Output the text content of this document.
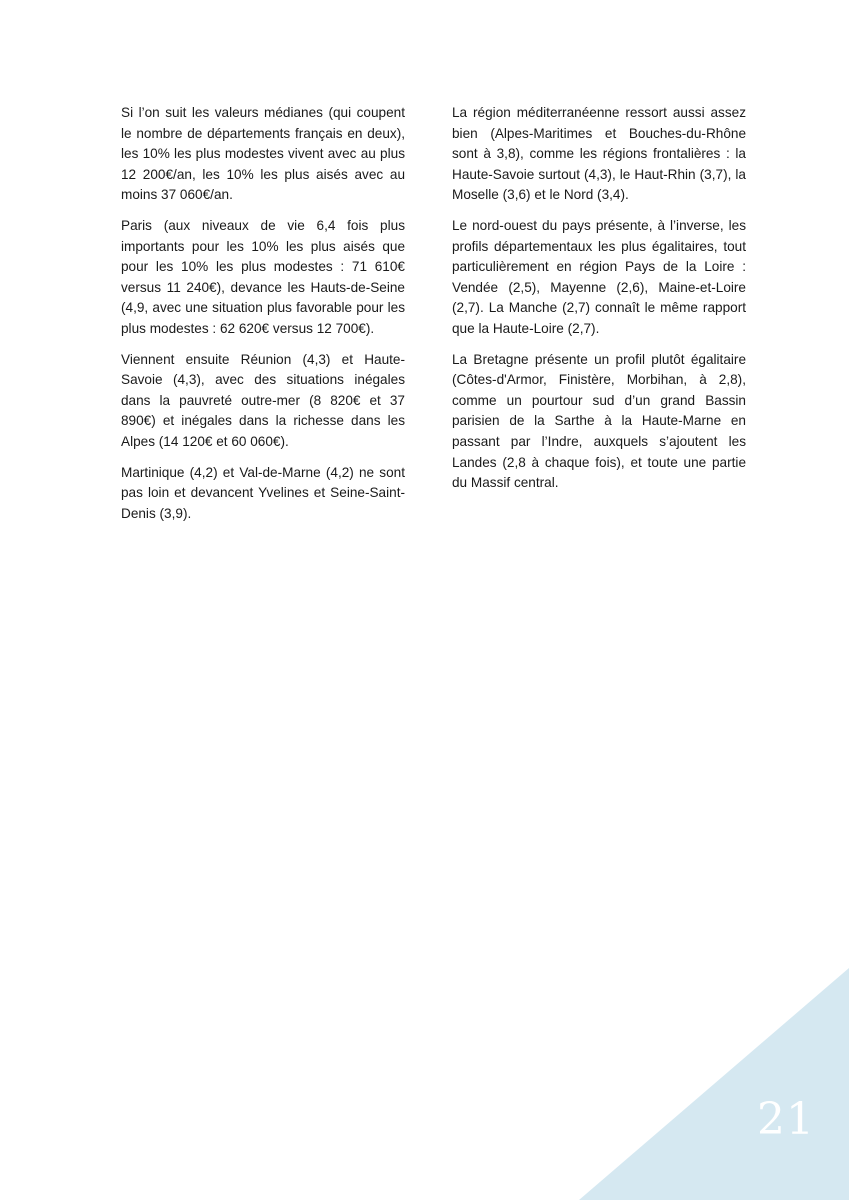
Si l’on suit les valeurs médianes (qui coupent le nombre de départements français en deux), les 10% les plus modestes vivent avec au plus 12 200€/an, les 10% les plus aisés avec au moins 37 060€/an.

Paris (aux niveaux de vie 6,4 fois plus importants pour les 10% les plus aisés que pour les 10% les plus modestes : 71 610€ versus 11 240€), devance les Hauts-de-Seine (4,9, avec une situation plus favorable pour les plus modestes : 62 620€ versus 12 700€).

Viennent ensuite Réunion (4,3) et Haute-Savoie (4,3), avec des situations inégales dans la pauvreté outre-mer (8 820€ et 37 890€) et inégales dans la richesse dans les Alpes (14 120€ et 60 060€).

Martinique (4,2) et Val-de-Marne (4,2) ne sont pas loin et devancent Yvelines et Seine-Saint-Denis (3,9).

La région méditerranéenne ressort aussi assez bien (Alpes-Maritimes et Bouches-du-Rhône sont à 3,8), comme les régions frontalières : la Haute-Savoie surtout (4,3), le Haut-Rhin (3,7), la Moselle (3,6) et le Nord (3,4).

Le nord-ouest du pays présente, à l’inverse, les profils départementaux les plus égalitaires, tout particulièrement en région Pays de la Loire : Vendée (2,5), Mayenne (2,6), Maine-et-Loire (2,7). La Manche (2,7) connaît le même rapport que la Haute-Loire (2,7).

La Bretagne présente un profil plutôt égalitaire (Côtes-d'Armor, Finistère, Morbihan, à 2,8), comme un pourtour sud d’un grand Bassin parisien de la Sarthe à la Haute-Marne en passant par l’Indre, auxquels s’ajoutent les Landes (2,8 à chaque fois), et toute une partie du Massif central.

21
